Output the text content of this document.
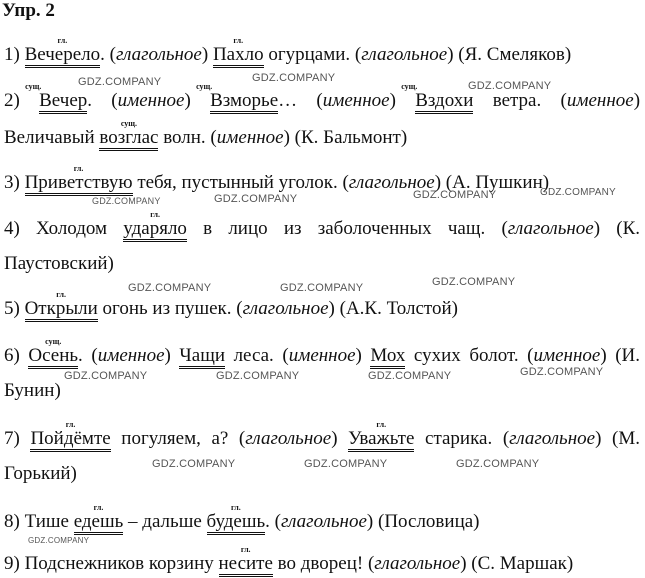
Упр. 2
1)
гл.
Вечерело. (глагольное)
гл.
Пахло огурцами. (глагольное) (Я. Смеляков)
2)
сущ.
Вечер. (именное)
сущ.
Взморье… (именное)
сущ.
Вздохи ветра. (именное)
Величавый
сущ.
возглас волн. (именное) (К. Бальмонт)
3)
гл.
Приветствую тебя, пустынный уголок. (глагольное) (А. Пушкин)
4) Холодом
гл.
ударяло в лицо из заболоченных чащ. (глагольное) (К.
Паустовский)
5)
гл.
Открыли огонь из пушек. (глагольное) (А.К. Толстой)
6)
сущ.
Осень. (именное) Чащи леса. (именное) Мох сухих болот. (именное) (И.
Бунин)
7)
гл.
Пойдёмте погуляем, а? (глагольное)
гл.
Уважьте старика. (глагольное) (М.
Горький)
8) Тише
гл.
едешь – дальше
гл.
будешь. (глагольное) (Пословица)
9) Подснежников корзину
гл.
несите во дворец! (глагольное) (С. Маршак)
GDZ.COMPANY	GDZ.COMPANY
GDZ.COMPANY
GDZ.COMPANY	GDZ.COMPANY	GDZ.COMPANY	GDZ.COMPANY
GDZ.COMPANY	GDZ.COMPANY	GDZ.COMPANY
GDZ.COMPANY	GDZ.COMPANY	GDZ.COMPANY	GDZ.COMPANY
GDZ.COMPANY	GDZ.COMPANY	GDZ.COMPANY
GDZ.COMPANY
